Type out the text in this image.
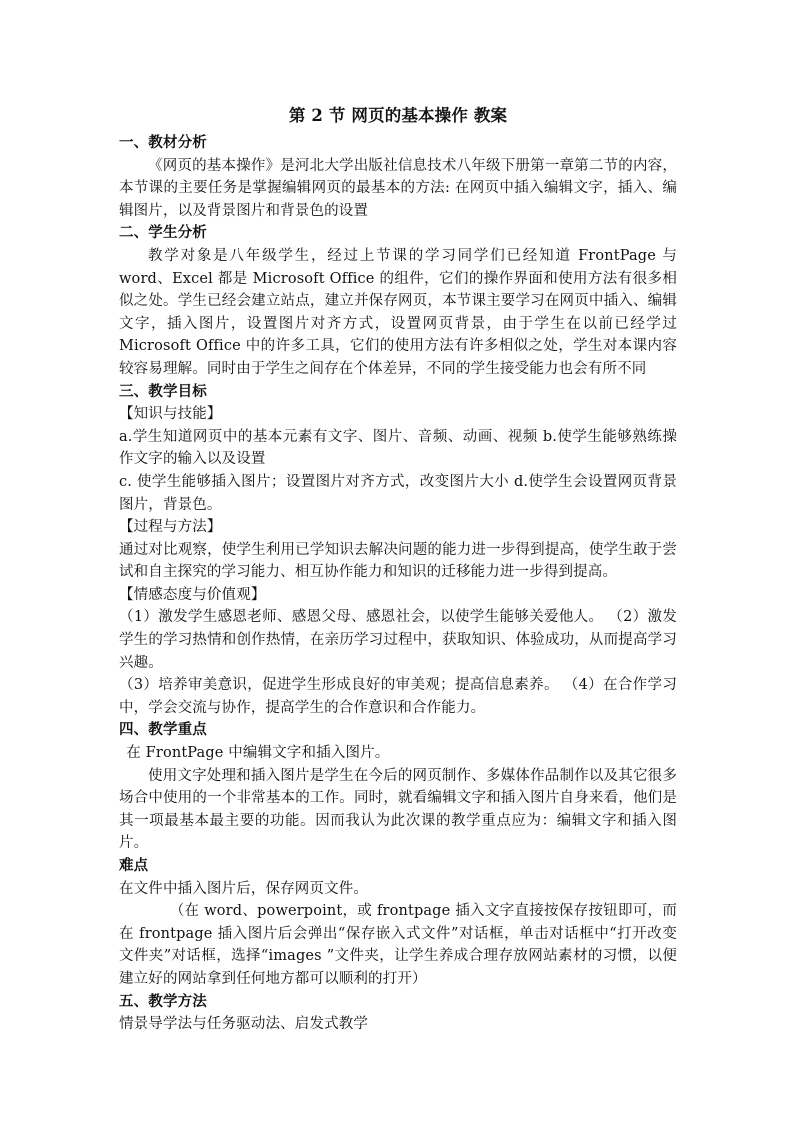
第 2 节 网页的基本操作 教案

一、教材分析

《网页的基本操作》是河北大学出版社信息技术八年级下册第一章第二节的内容，本节课的主要任务是掌握编辑网页的最基本的方法: 在网页中插入编辑文字，插入、编辑图片，以及背景图片和背景色的设置

二、学生分析

教学对象是八年级学生，经过上节课的学习同学们已经知道 FrontPage 与 word、Excel 都是 Microsoft Office 的组件，它们的操作界面和使用方法有很多相似之处。学生已经会建立站点，建立并保存网页，本节课主要学习在网页中插入、编辑文字，插入图片，设置图片对齐方式，设置网页背景，由于学生在以前已经学过 Microsoft Office 中的许多工具，它们的使用方法有许多相似之处，学生对本课内容较容易理解。同时由于学生之间存在个体差异，不同的学生接受能力也会有所不同

三、教学目标

【知识与技能】

a.学生知道网页中的基本元素有文字、图片、音频、动画、视频 b.使学生能够熟练操作文字的输入以及设置

c. 使学生能够插入图片；设置图片对齐方式，改变图片大小 d.使学生会设置网页背景图片，背景色。

【过程与方法】

通过对比观察，使学生利用已学知识去解决问题的能力进一步得到提高，使学生敢于尝试和自主探究的学习能力、相互协作能力和知识的迁移能力进一步得到提高。

【情感态度与价值观】

（1）激发学生感恩老师、感恩父母、感恩社会，以使学生能够关爱他人。 （2）激发学生的学习热情和创作热情，在亲历学习过程中，获取知识、体验成功，从而提高学习兴趣。

（3）培养审美意识，促进学生形成良好的审美观；提高信息素养。 （4）在合作学习中，学会交流与协作，提高学生的合作意识和合作能力。

四、教学重点

在 FrontPage 中编辑文字和插入图片。

使用文字处理和插入图片是学生在今后的网页制作、多媒体作品制作以及其它很多场合中使用的一个非常基本的工作。同时，就看编辑文字和插入图片自身来看，他们是其一项最基本最主要的功能。因而我认为此次课的教学重点应为：编辑文字和插入图片。

难点

在文件中插入图片后，保存网页文件。

（在 word、powerpoint，或 frontpage 插入文字直接按保存按钮即可，而在 frontpage 插入图片后会弹出“保存嵌入式文件”对话框，单击对话框中“打开改变文件夹”对话框，选择“images ”文件夹，让学生养成合理存放网站素材的习惯，以便建立好的网站拿到任何地方都可以顺利的打开）

五、教学方法

情景导学法与任务驱动法、启发式教学
